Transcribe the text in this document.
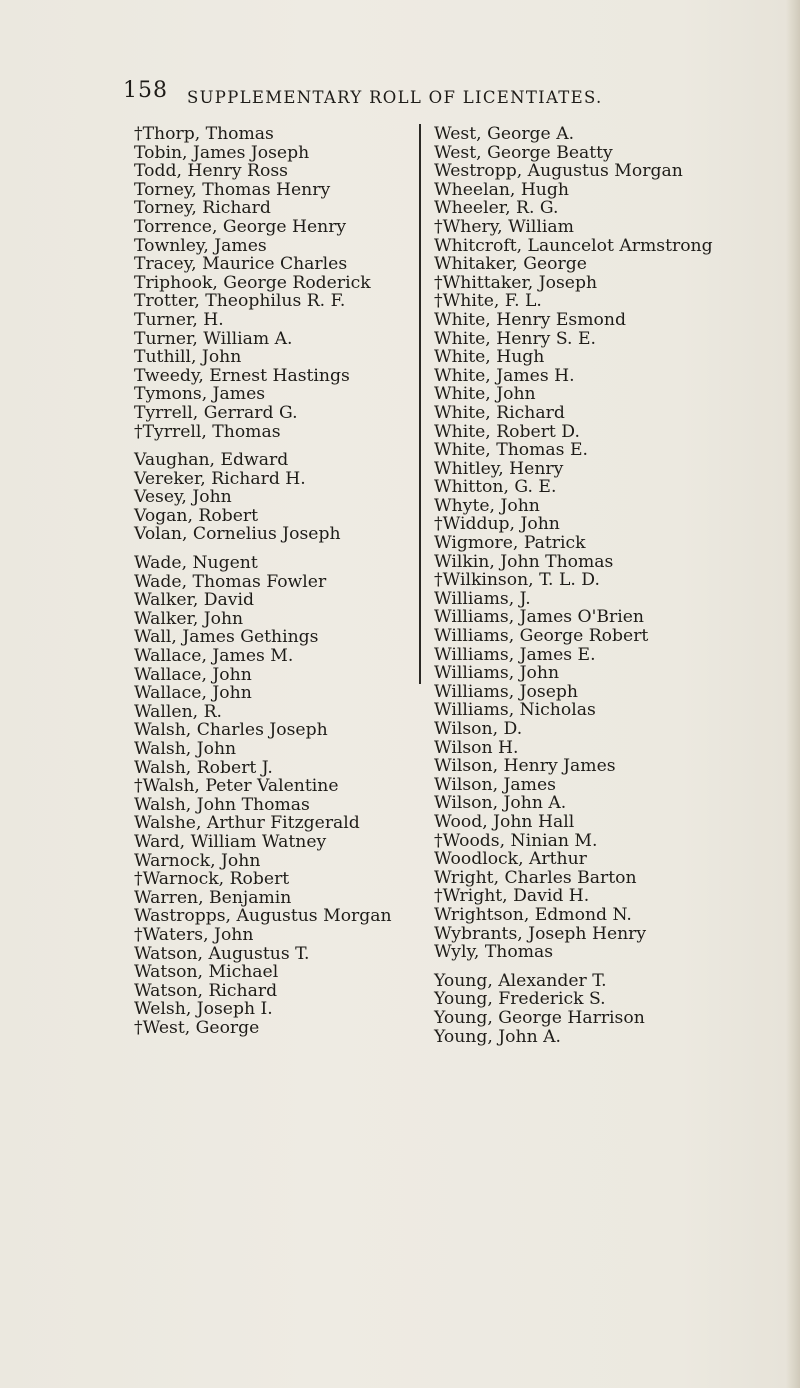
158 SUPPLEMENTARY ROLL OF LICENTIATES.
†Thorp, Thomas
Tobin, James Joseph
Todd, Henry Ross
Torney, Thomas Henry
Torney, Richard
Torrence, George Henry
Townley, James
Tracey, Maurice Charles
Triphook, George Roderick
Trotter, Theophilus R. F.
Turner, H.
Turner, William A.
Tuthill, John
Tweedy, Ernest Hastings
Tymons, James
Tyrrell, Gerrard G.
†Tyrrell, Thomas
Vaughan, Edward
Vereker, Richard H.
Vesey, John
Vogan, Robert
Volan, Cornelius Joseph
Wade, Nugent
Wade, Thomas Fowler
Walker, David
Walker, John
Wall, James Gethings
Wallace, James M.
Wallace, John
Wallace, John
Wallen, R.
Walsh, Charles Joseph
Walsh, John
Walsh, Robert J.
†Walsh, Peter Valentine
Walsh, John Thomas
Walshe, Arthur Fitzgerald
Ward, William Watney
Warnock, John
†Warnock, Robert
Warren, Benjamin
Wastropps, Augustus Morgan
†Waters, John
Watson, Augustus T.
Watson, Michael
Watson, Richard
Welsh, Joseph I.
†West, George
West, George A.
West, George Beatty
Westropp, Augustus Morgan
Wheelan, Hugh
Wheeler, R. G.
†Whery, William
Whitcroft, Launcelot Armstrong
Whitaker, George
†Whittaker, Joseph
†White, F. L.
White, Henry Esmond
White, Henry S. E.
White, Hugh
White, James H.
White, John
White, Richard
White, Robert D.
White, Thomas E.
Whitley, Henry
Whitton, G. E.
Whyte, John
†Widdup, John
Wigmore, Patrick
Wilkin, John Thomas
†Wilkinson, T. L. D.
Williams, J.
Williams, James O'Brien
Williams, George Robert
Williams, James E.
Williams, John
Williams, Joseph
Williams, Nicholas
Wilson, D.
Wilson H.
Wilson, Henry James
Wilson, James
Wilson, John A.
Wood, John Hall
†Woods, Ninian M.
Woodlock, Arthur
Wright, Charles Barton
†Wright, David H.
Wrightson, Edmond N.
Wybrants, Joseph Henry
Wyly, Thomas
Young, Alexander T.
Young, Frederick S.
Young, George Harrison
Young, John A.
